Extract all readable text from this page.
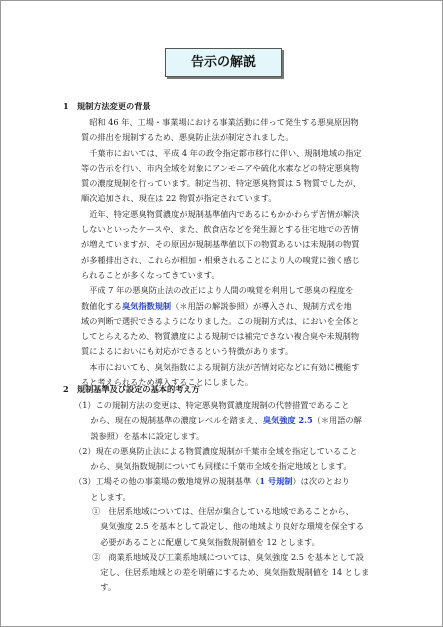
告示の解説
1　規制方法変更の背景
　昭和 46 年、工場・事業場における事業活動に伴って発生する悪臭原因物
質の排出を規制するため、悪臭防止法が制定されました。
　千葉市においては、平成 4 年の政令指定都市移行に伴い、規制地域の指定
等の告示を行い、市内全域を対象にアンモニアや硫化水素などの特定悪臭物
質の濃度規制を行っています。制定当初、特定悪臭物質は 5 物質でしたが、
順次追加され、現在は 22 物質が指定されています。
　近年、特定悪臭物質濃度が規制基準値内であるにもかかわらず苦情が解決
しないといったケースや、また、飲食店などを発生源とする住宅地での苦情
が増えていますが、その原因が規制基準値以下の物質あるいは未規制の物質
が多種排出され、これらが相加・相乗されることにより人の嗅覚に強く感じ
られることが多くなってきています。
　平成 7 年の悪臭防止法の改正により人間の嗅覚を利用して悪臭の程度を
数値化する臭気指数規制（＊用語の解説参照）が導入され、規制方式を地
域の判断で選択できるようになりました。この規制方式は、においを全体と
してとらえるため、物質濃度による規制では補完できない複合臭や未規制物
質によるにおいにも対応ができるという特徴があります。
　本市においても、臭気指数による規制方法が苦情対応などに有効に機能す
ると考えられるため導入することにしました。
2　規制基準及び設定の基本的考え方
（1）この規制方法の変更は、特定悪臭物質濃度規制の代替措置であること
　　から、現在の規制基準の濃度レベルを踏まえ、臭気強度 2.5（＊用語の解
　　説参照）を基本に設定します。
（2）現在の悪臭防止法による物質濃度規制が千葉市全域を指定していること
　　から、臭気指数規制についても同様に千葉市全域を指定地域とします。
（3）工場その他の事業場の敷地境界の規制基準（1 号規制）は次のとおり
　　とします。
①　住居系地域については、住居が集合している地域であることから、
　臭気強度 2.5 を基本として設定し、他の地域より良好な環境を保全する
　必要があることに配慮して臭気指数規制値を 12 とします。
②　商業系地域及び工業系地域については、臭気強度 2.5 を基本として設
　定し、住居系地域との差を明確にするため、臭気指数規制値を 14 としま
　す。
